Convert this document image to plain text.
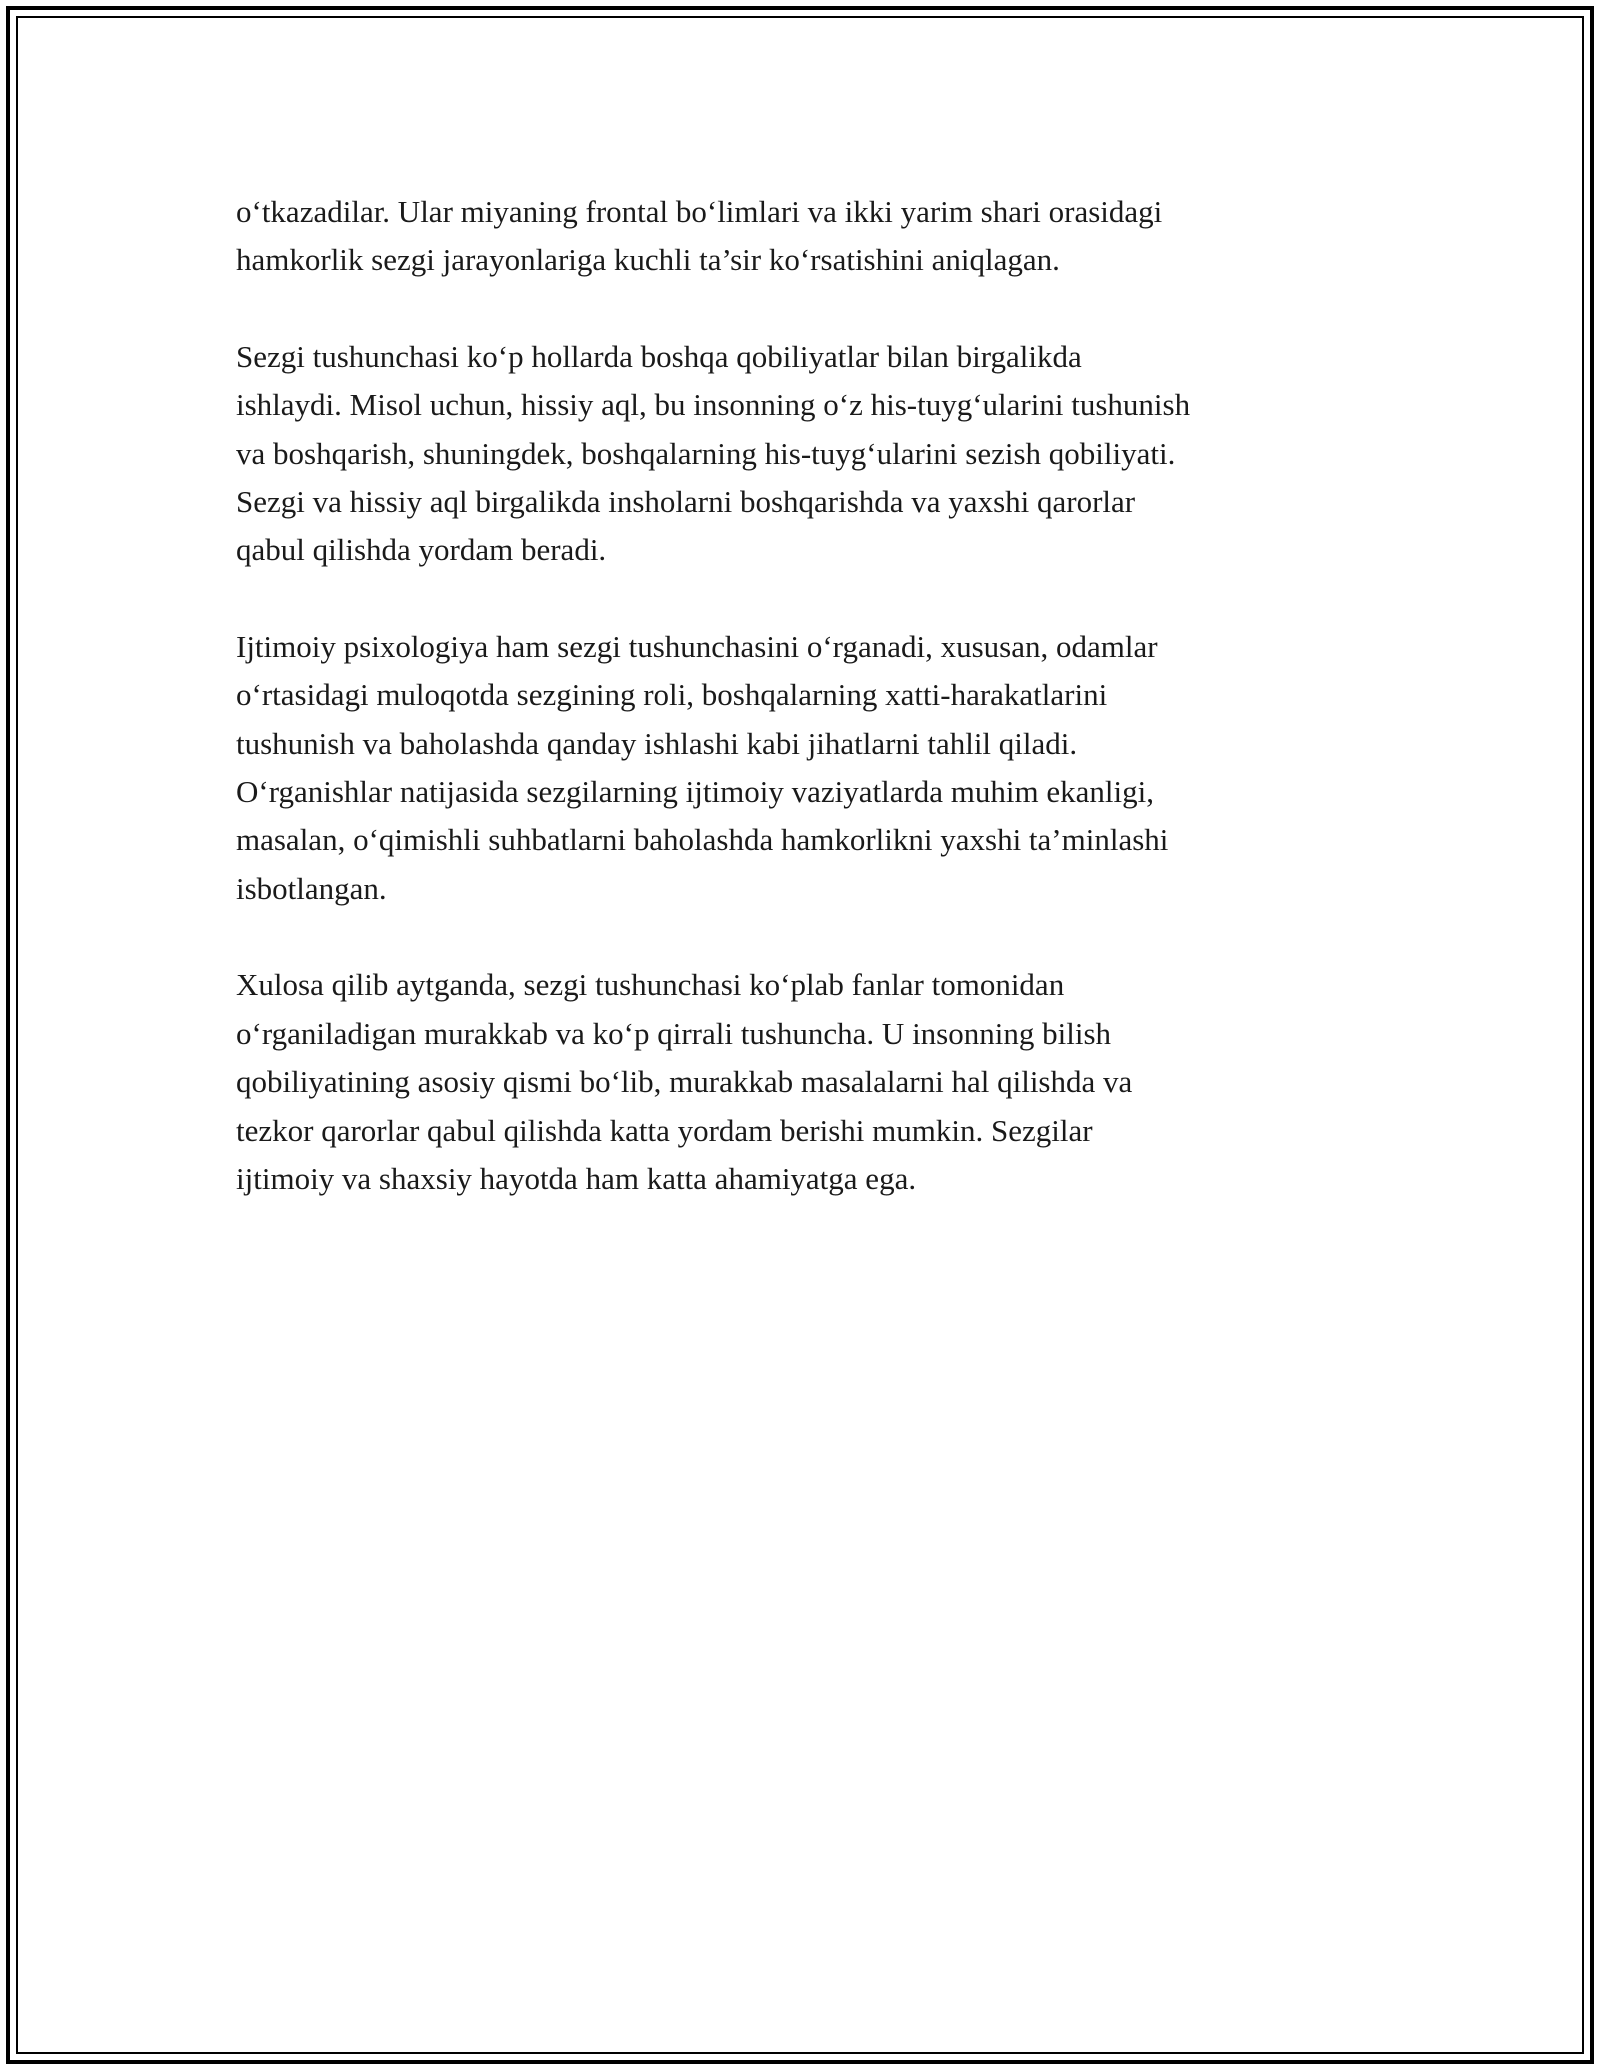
o‘tkazadilar. Ular miyaning frontal bo‘limlari va ikki yarim shari orasidagi
hamkorlik sezgi jarayonlariga kuchli ta’sir ko‘rsatishini aniqlagan.

Sezgi tushunchasi ko‘p hollarda boshqa qobiliyatlar bilan birgalikda
ishlaydi. Misol uchun, hissiy aql, bu insonning o‘z his-tuyg‘ularini tushunish
va boshqarish, shuningdek, boshqalarning his-tuyg‘ularini sezish qobiliyati.
Sezgi va hissiy aql birgalikda insholarni boshqarishda va yaxshi qarorlar
qabul qilishda yordam beradi.

Ijtimoiy psixologiya ham sezgi tushunchasini o‘rganadi, xususan, odamlar
o‘rtasidagi muloqotda sezgining roli, boshqalarning xatti-harakatlarini
tushunish va baholashda qanday ishlashi kabi jihatlarni tahlil qiladi.
O‘rganishlar natijasida sezgilarning ijtimoiy vaziyatlarda muhim ekanligi,
masalan, o‘qimishli suhbatlarni baholashda hamkorlikni yaxshi ta’minlashi
isbotlangan.

Xulosa qilib aytganda, sezgi tushunchasi ko‘plab fanlar tomonidan
o‘rganiladigan murakkab va ko‘p qirrali tushuncha. U insonning bilish
qobiliyatining asosiy qismi bo‘lib, murakkab masalalarni hal qilishda va
tezkor qarorlar qabul qilishda katta yordam berishi mumkin. Sezgilar
ijtimoiy va shaxsiy hayotda ham katta ahamiyatga ega.
